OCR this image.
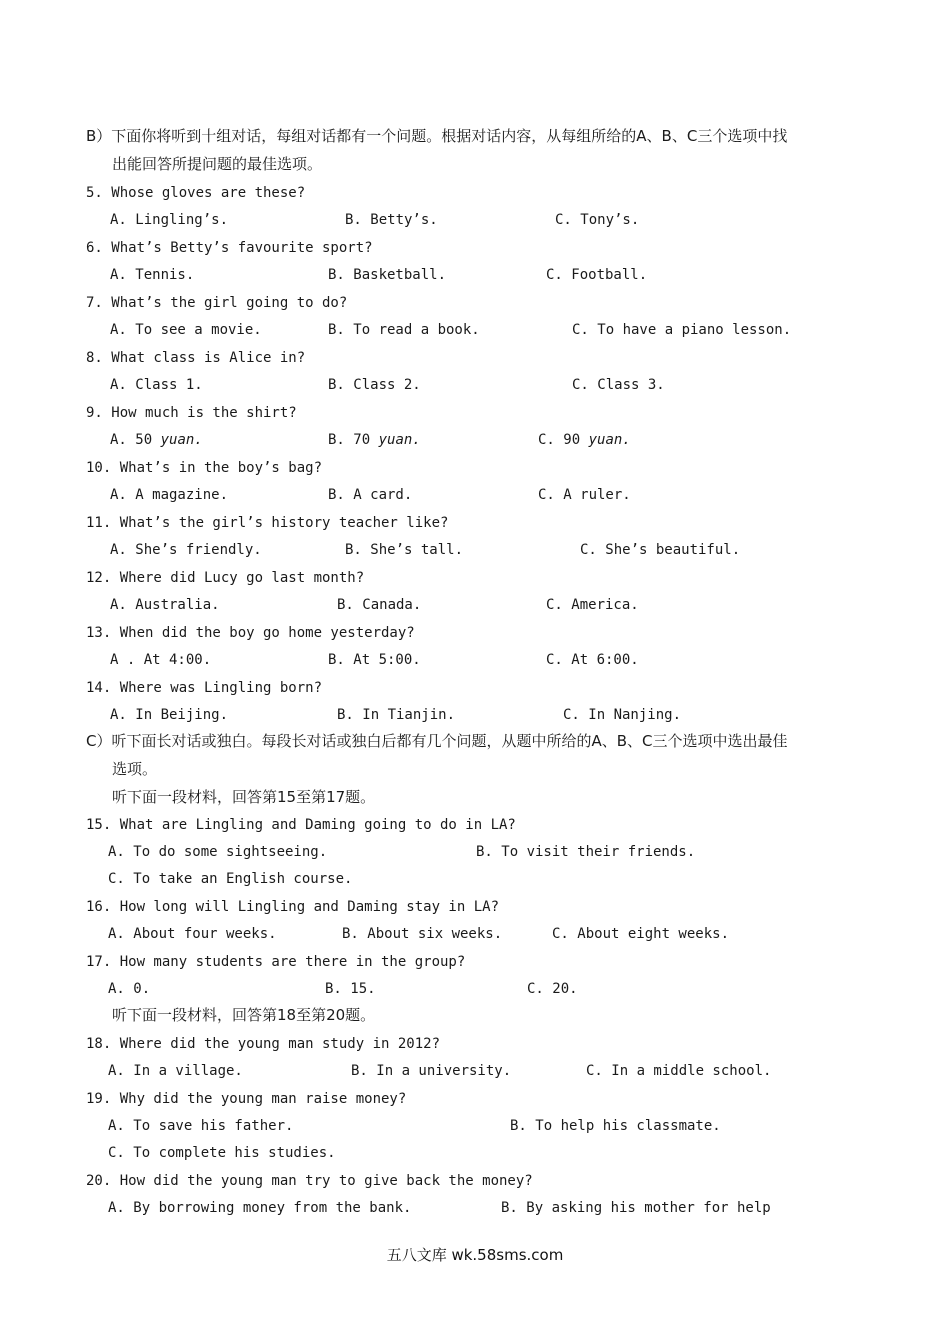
B）下面你将听到十组对话，每组对话都有一个问题。根据对话内容，从每组所给的A、B、C三个选项中找
出能回答所提问题的最佳选项。
5. Whose gloves are these?
A. Lingling’s.	B. Betty’s.	C. Tony’s.
6. What’s Betty’s favourite sport?
A. Tennis.	B. Basketball.	C. Football.
7. What’s the girl going to do?
A. To see a movie.	B. To read a book.	C. To have a piano lesson.
8. What class is Alice in?
A. Class 1.	B. Class 2.	C. Class 3.
9. How much is the shirt?
A. 50 yuan.	B. 70 yuan.	C. 90 yuan.
10. What’s in the boy’s bag?
A. A magazine.	B. A card.	C. A ruler.
11. What’s the girl’s history teacher like?
A. She’s friendly.	B. She’s tall.	C. She’s beautiful.
12. Where did Lucy go last month?
A. Australia.	B. Canada.	C. America.
13. When did the boy go home yesterday?
A . At 4:00.	B. At 5:00.	C. At 6:00.
14. Where was Lingling born?
A. In Beijing.	B. In Tianjin.	C. In Nanjing.
C）听下面长对话或独白。每段长对话或独白后都有几个问题，从题中所给的A、B、C三个选项中选出最佳
选项。
听下面一段材料，回答第15至第17题。
15. What are Lingling and Daming going to do in LA?
A. To do some sightseeing.	B. To visit their friends.
C. To take an English course.
16. How long will Lingling and Daming stay in LA?
A. About four weeks.	B. About six weeks.	C. About eight weeks.
17. How many students are there in the group?
A. 0.	B. 15.	C. 20.
听下面一段材料，回答第18至第20题。
18. Where did the young man study in 2012?
A. In a village.	B. In a university.	C. In a middle school.
19. Why did the young man raise money?
A. To save his father.	B. To help his classmate.
C. To complete his studies.
20. How did the young man try to give back the money?
A. By borrowing money from the bank.	B. By asking his mother for help
五八文库 wk.58sms.com
